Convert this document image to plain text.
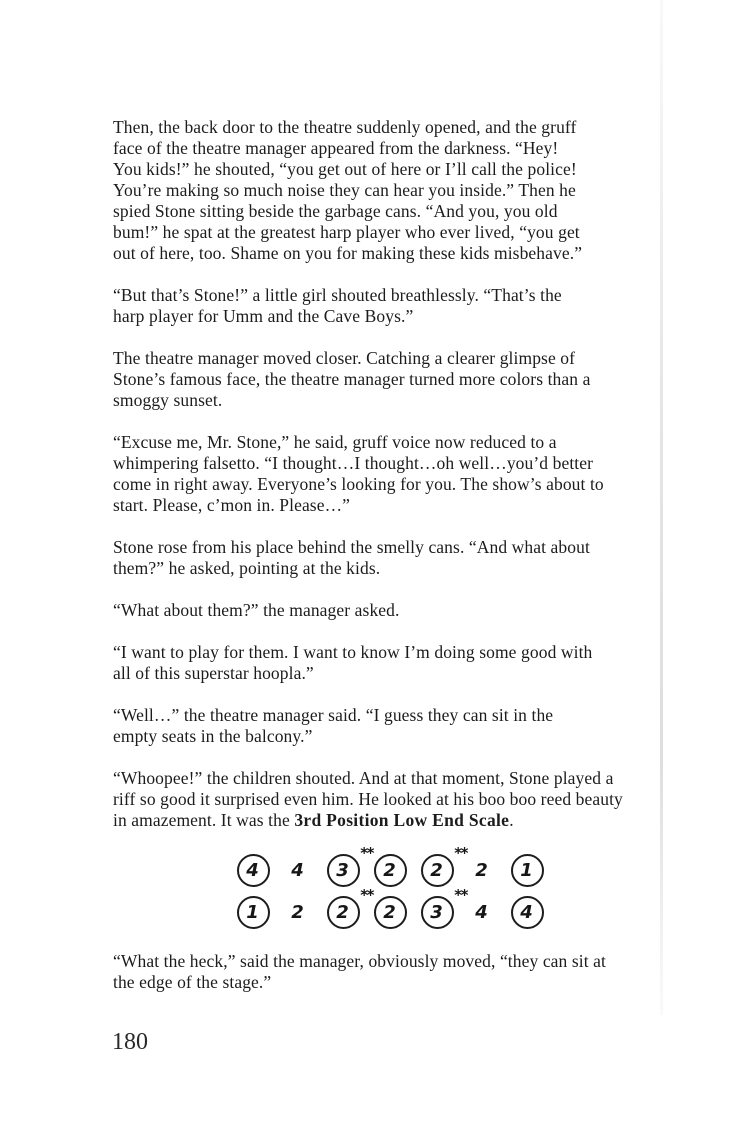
Then, the back door to the theatre suddenly opened, and the gruff
face of the theatre manager appeared from the darkness. “Hey!
You kids!” he shouted, “you get out of here or I’ll call the police!
You’re making so much noise they can hear you inside.” Then he
spied Stone sitting beside the garbage cans. “And you, you old
bum!” he spat at the greatest harp player who ever lived, “you get
out of here, too. Shame on you for making these kids misbehave.”

“But that’s Stone!” a little girl shouted breathlessly. “That’s the
harp player for Umm and the Cave Boys.”

The theatre manager moved closer. Catching a clearer glimpse of
Stone’s famous face, the theatre manager turned more colors than a
smoggy sunset.

“Excuse me, Mr. Stone,” he said, gruff voice now reduced to a
whimpering falsetto. “I thought…I thought…oh well…you’d better
come in right away. Everyone’s looking for you. The show’s about to
start. Please, c’mon in. Please…”

Stone rose from his place behind the smelly cans. “And what about
them?” he asked, pointing at the kids.

“What about them?” the manager asked.

“I want to play for them. I want to know I’m doing some good with
all of this superstar hoopla.”

“Well…” the theatre manager said. “I guess they can sit in the
empty seats in the balcony.”

“Whoopee!” the children shouted. And at that moment, Stone played a
riff so good it surprised even him. He looked at his boo boo reed beauty
in amazement. It was the 3rd Position Low End Scale.

4 4 3
**
2 2
**
2 1
1 2 2
**
2 3
**
4 4

“What the heck,” said the manager, obviously moved, “they can sit at
the edge of the stage.”

180
